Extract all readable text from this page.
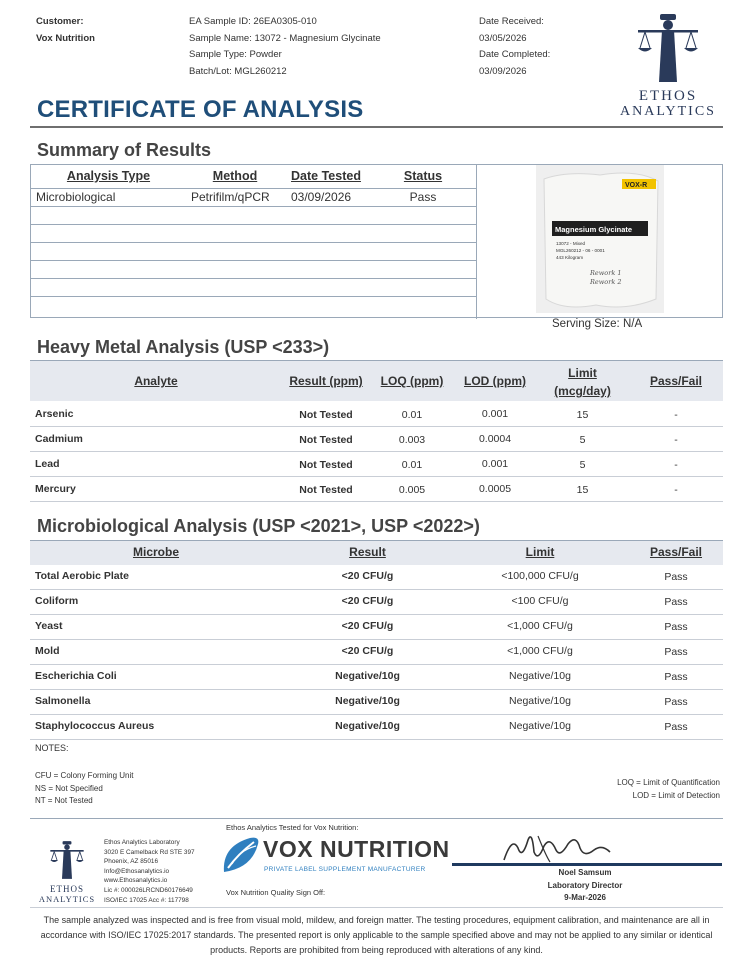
Customer:
Vox Nutrition
EA Sample ID: 26EA0305-010
Sample Name: 13072 - Magnesium Glycinate
Sample Type: Powder
Batch/Lot: MGL260212
Date Received:
03/05/2026
Date Completed:
03/09/2026
ETHOS
ANALYTICS
CERTIFICATE OF ANALYSIS
Summary of Results
Analysis Type	Method	Date Tested	Status
Microbiological	Petrifilm/qPCR 03/09/2026	Pass
VOX-R
Magnesium Glycinate
13072 - Mixed
MGL260212 - 06 - 0001
443 Kilogram
Rework 1
Rework 2
Serving Size: N/A
Heavy Metal Analysis (USP <233>)
Analyte	Result (ppm)	LOQ (ppm)	LOD (ppm)
Limit
(mcg/day)
Pass/Fail
Arsenic	Not Tested	0.01	0.001	15	-
Cadmium	Not Tested	0.003	0.0004	5	-
Lead	Not Tested	0.01	0.001	5	-
Mercury	Not Tested	0.005	0.0005	15	-
Microbiological Analysis (USP <2021>, USP <2022>)
Microbe	Result	Limit	Pass/Fail
Total Aerobic Plate	<20 CFU/g	<100,000 CFU/g	Pass
Coliform	<20 CFU/g	<100 CFU/g	Pass
Yeast	<20 CFU/g	<1,000 CFU/g	Pass
Mold	<20 CFU/g	<1,000 CFU/g	Pass
Escherichia Coli	Negative/10g	Negative/10g	Pass
Salmonella	Negative/10g	Negative/10g	Pass
Staphylococcus Aureus	Negative/10g	Negative/10g	Pass
NOTES:
CFU = Colony Forming Unit
NS = Not Specified
NT = Not Tested
LOQ = Limit of Quantification
LOD = Limit of Detection
ETHOS
ANALYTICS
Ethos Analytics Laboratory
3020 E Camelback Rd STE 397
Phoenix, AZ 85016
Info@Ethosanalytics.io
www.Ethosanalytics.io
Lic #: 000026LRCND60176649
ISO/IEC 17025 Acc #: 117798
Ethos Analytics Tested for Vox Nutrition:
VOX NUTRITION
PRIVATE LABEL SUPPLEMENT MANUFACTURER
Vox Nutrition Quality Sign Off:
Noel Samsum
Laboratory Director
9-Mar-2026
The sample analyzed was inspected and is free from visual mold, mildew, and foreign matter. The testing procedures, equipment calibration, and maintenance are all in accordance with ISO/IEC 17025:2017 standards. The presented report is only applicable to the sample specified above and may not be applied to any similar or identical products. Reports are prohibited from being reproduced with alterations of any kind.
